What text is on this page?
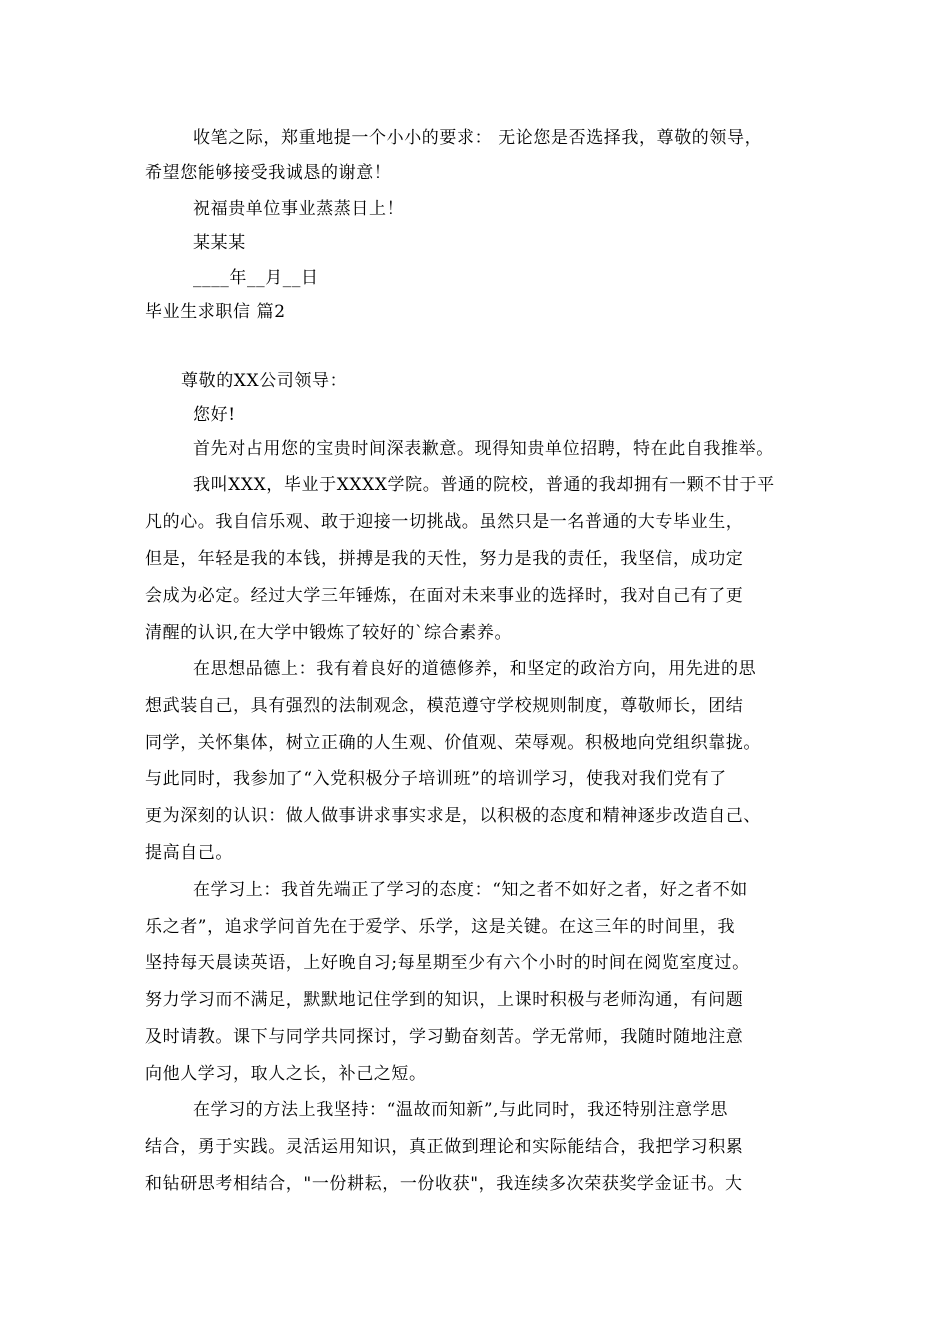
收笔之际，郑重地提一个小小的要求： 无论您是否选择我，尊敬的领导，
希望您能够接受我诚恳的谢意！
祝福贵单位事业蒸蒸日上！
某某某
____年__月__日
毕业生求职信 篇2
尊敬的XX公司领导：
您好!
首先对占用您的宝贵时间深表歉意。现得知贵单位招聘，特在此自我推举。
我叫XXX，毕业于XXXX学院。普通的院校，普通的我却拥有一颗不甘于平
凡的心。我自信乐观、敢于迎接一切挑战。虽然只是一名普通的大专毕业生，
但是，年轻是我的本钱，拼搏是我的天性，努力是我的责任，我坚信，成功定
会成为必定。经过大学三年锤炼，在面对未来事业的选择时，我对自己有了更
清醒的认识,在大学中锻炼了较好的`综合素养。
在思想品德上：我有着良好的道德修养，和坚定的政治方向，用先进的思
想武装自己，具有强烈的法制观念，模范遵守学校规则制度，尊敬师长，团结
同学，关怀集体，树立正确的人生观、价值观、荣辱观。积极地向党组织靠拢。
与此同时，我参加了“入党积极分子培训班”的培训学习，使我对我们党有了
更为深刻的认识：做人做事讲求事实求是，以积极的态度和精神逐步改造自己、
提高自己。
在学习上：我首先端正了学习的态度：“知之者不如好之者，好之者不如
乐之者”，追求学问首先在于爱学、乐学，这是关键。在这三年的时间里，我
坚持每天晨读英语，上好晚自习;每星期至少有六个小时的时间在阅览室度过。
努力学习而不满足，默默地记住学到的知识，上课时积极与老师沟通，有问题
及时请教。课下与同学共同探讨，学习勤奋刻苦。学无常师，我随时随地注意
向他人学习，取人之长，补己之短。
在学习的方法上我坚持：“温故而知新”,与此同时，我还特别注意学思
结合，勇于实践。灵活运用知识，真正做到理论和实际能结合，我把学习积累
和钻研思考相结合，"一份耕耘，一份收获"，我连续多次荣获奖学金证书。大
